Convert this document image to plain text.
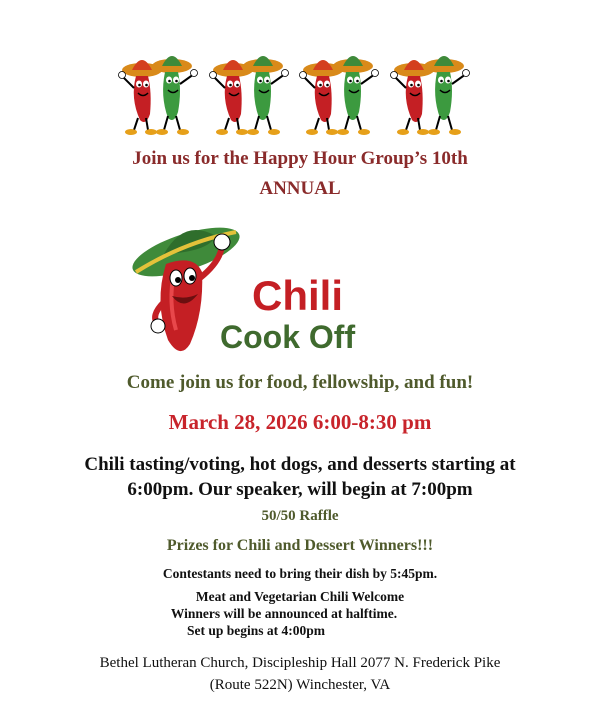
Join us for the Happy Hour Group’s 10th
ANNUAL
Chili
Cook Off
Come join us for food, fellowship, and fun!
March 28, 2026 6:00-8:30 pm
Chili tasting/voting, hot dogs, and desserts starting at
6:00pm. Our speaker, will begin at 7:00pm
50/50 Raffle
Prizes for Chili and Dessert Winners!!!
Contestants need to bring their dish by 5:45pm.
Meat and Vegetarian Chili Welcome
Winners will be announced at halftime.
Set up begins at 4:00pm
Bethel Lutheran Church, Discipleship Hall 2077 N. Frederick Pike
(Route 522N) Winchester, VA
